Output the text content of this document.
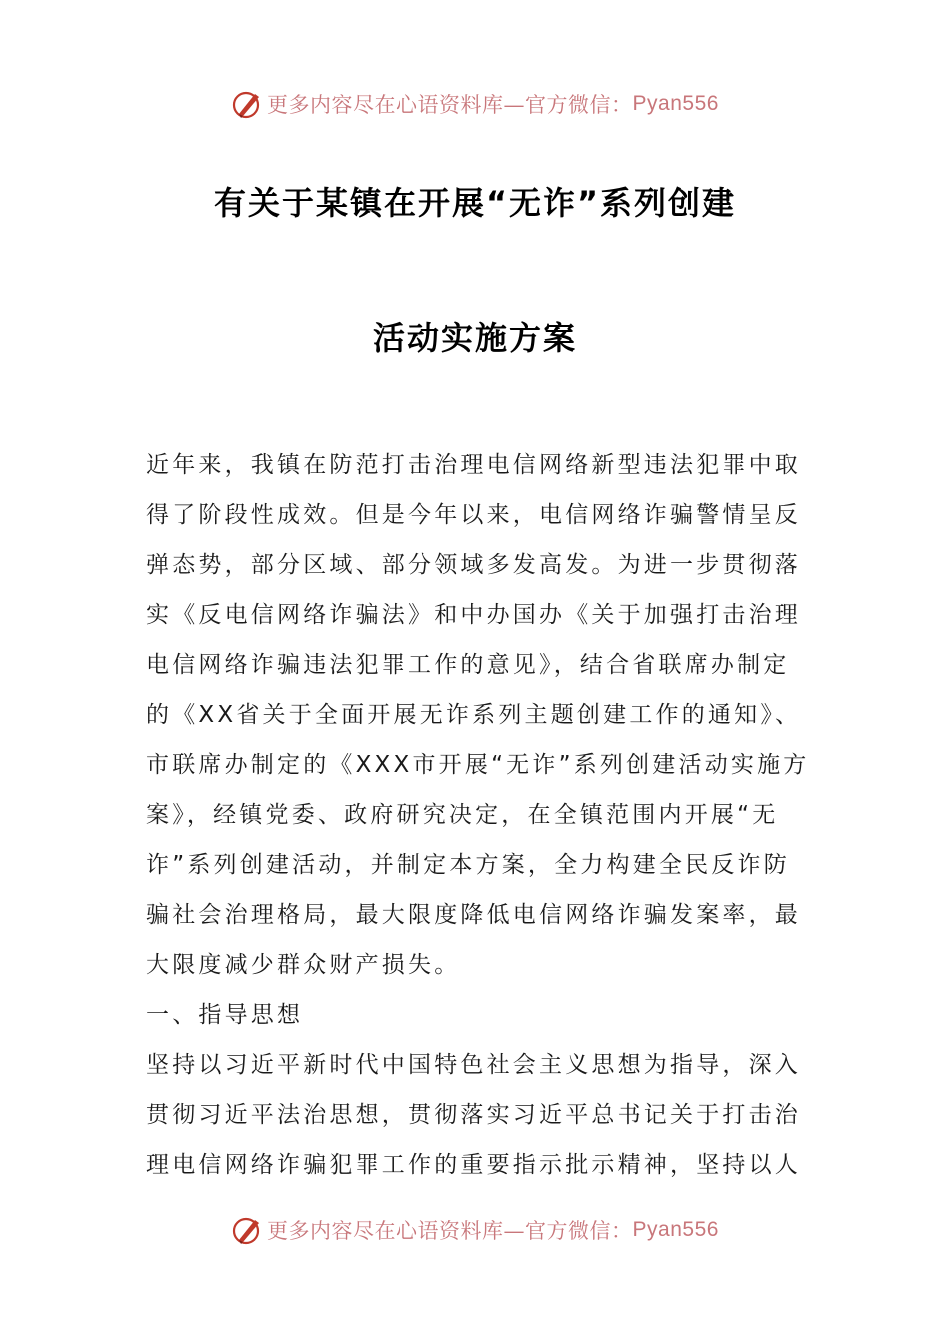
更多内容尽在心语资料库—官方微信： Pyan556
有关于某镇在开展“无诈”系列创建
活动实施方案
近年来，我镇在防范打击治理电信网络新型违法犯罪中取
得了阶段性成效。但是今年以来，电信网络诈骗警情呈反
弹态势，部分区域、部分领域多发高发。为进一步贯彻落
实《反电信网络诈骗法》和中办国办《关于加强打击治理
电信网络诈骗违法犯罪工作的意见》，结合省联席办制定
的《XX省关于全面开展无诈系列主题创建工作的通知》、
市联席办制定的《XXX市开展“无诈”系列创建活动实施方
案》，经镇党委、政府研究决定，在全镇范围内开展“无
诈”系列创建活动，并制定本方案，全力构建全民反诈防
骗社会治理格局，最大限度降低电信网络诈骗发案率，最
大限度减少群众财产损失。
一、指导思想
坚持以习近平新时代中国特色社会主义思想为指导，深入
贯彻习近平法治思想，贯彻落实习近平总书记关于打击治
理电信网络诈骗犯罪工作的重要指示批示精神，坚持以人
更多内容尽在心语资料库—官方微信： Pyan556
